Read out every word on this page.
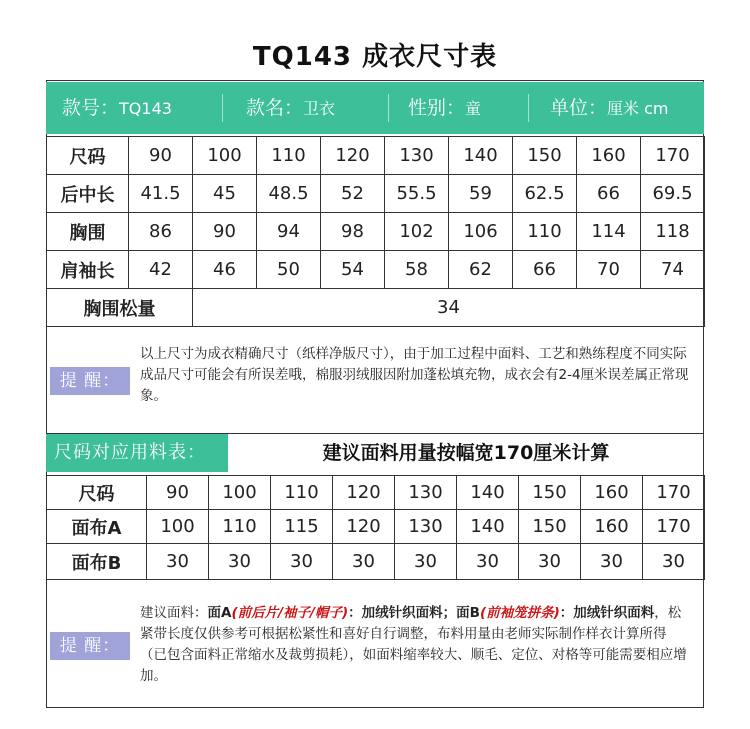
TQ143 成衣尺寸表
款号：TQ143	款名：卫衣	性别：童	单位：厘米 cm
尺码	90	100	110	120	130	140	150	160	170
后中长	41.5	45	48.5	52	55.5	59	62.5	66	69.5
胸围	86	90	94	98	102	106	110	114	118
肩袖长	42	46	50	54	58	62	66	70	74
胸围松量		34							
提 醒：
以上尺寸为成衣精确尺寸（纸样净版尺寸），由于加工过程中面料、工艺和熟练程度不同实际成品尺寸可能会有所误差哦，棉服羽绒服因附加蓬松填充物，成衣会有2-4厘米误差属正常现象。
尺码对应用料表：	建议面料用量按幅宽170厘米计算
尺码	90	100	110	120	130	140	150	160	170
面布A	100	110	115	120	130	140	150	160	170
面布B	30	30	30	30	30	30	30	30	30
提 醒：
建议面料：面A(前后片/袖子/帽子)：加绒针织面料；面B(前袖笼拼条)：加绒针织面料，松紧带长度仅供参考可根据松紧性和喜好自行调整，布料用量由老师实际制作样衣计算所得（已包含面料正常缩水及裁剪损耗），如面料缩率较大、顺毛、定位、对格等可能需要相应增加。
